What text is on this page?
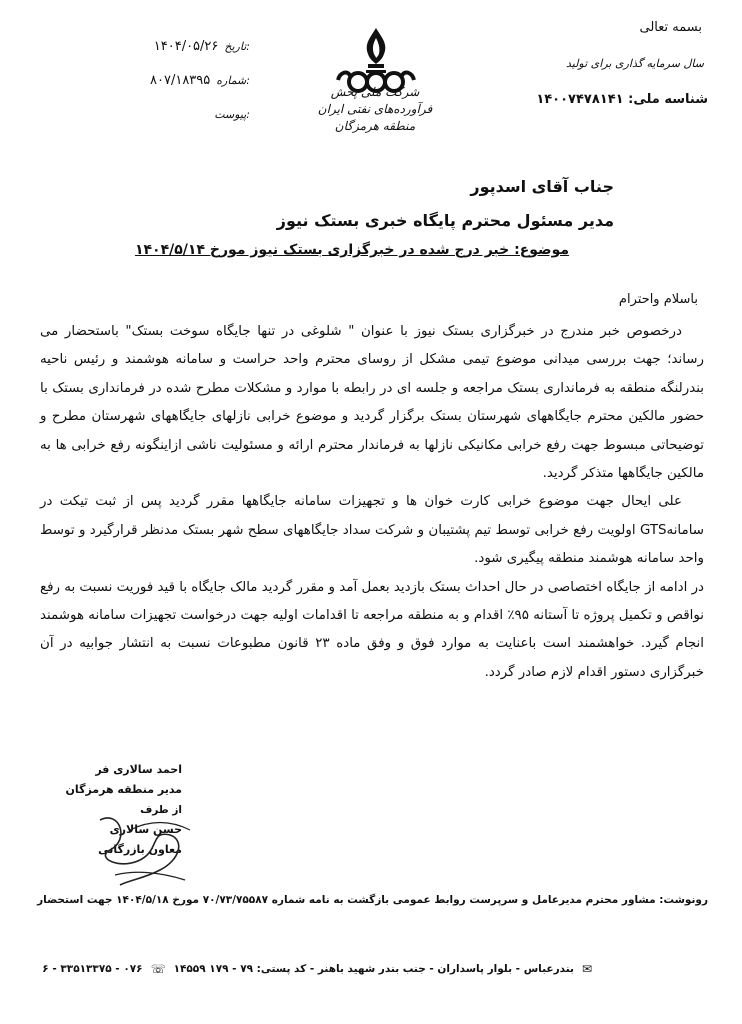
بسمه تعالی
سال سرمایه گذاری برای تولید
شناسه ملی: ۱۴۰۰۷۴۷۸۱۴۱
شرکت ملی پخش فرآورده‌های نفتی ایران
منطقه هرمزگان
۱۴۰۴/۰۵/۲۶ تاریخ:
۸۰۷/۱۸۳۹۵ شماره:
پیوست:
جناب آقای اسدپور
مدیر مسئول محترم پایگاه خبری بستک نیوز
موضوع: خبر درج شده در خبرگزاری بستک نیوز مورخ ۱۴۰۴/۵/۱۴
باسلام واحترام

درخصوص خبر مندرج در خبرگزاری بستک نیوز با عنوان " شلوغی در تنها جایگاه سوخت بستک" باستحضار می رساند؛ جهت بررسی میدانی موضوع تیمی مشکل از روسای محترم واحد حراست و سامانه هوشمند و رئیس ناحیه بندرلنگه منطقه به فرمانداری بستک مراجعه و جلسه ای در رابطه با موارد و مشکلات مطرح شده در فرمانداری بستک با حضور مالکین محترم جایگاههای شهرستان بستک برگزار گردید و موضوع خرابی نازلهای جایگاههای شهرستان مطرح و توضیحاتی مبسوط جهت رفع خرابی مکانیکی نازلها به فرماندار محترم ارائه و مسئولیت ناشی ازاینگونه رفع خرابی ها به مالکین جایگاهها متذکر گردید.

علی ایحال جهت موضوع خرابی کارت خوان ها و تجهیزات سامانه جایگاهها مقرر گردید پس از ثبت تیکت در سامانهGTS اولویت رفع خرابی توسط تیم پشتیبان و شرکت سداد جایگاههای سطح شهر بستک مدنظر قرارگیرد و توسط واحد سامانه هوشمند منطقه پیگیری شود.

در ادامه از جایگاه اختصاصی در حال احداث بستک بازدید بعمل آمد و مقرر گردید مالک جایگاه با قید فوریت نسبت به رفع نواقص و تکمیل پروژه تا آستانه ۹۵٪ اقدام و به منطقه مراجعه تا اقدامات اولیه جهت درخواست تجهیزات سامانه هوشمند انجام گیرد. خواهشمند است باعنایت به موارد فوق و وفق ماده ۲۳ قانون مطبوعات نسبت به انتشار جوابیه در آن خبرگزاری دستور اقدام لازم صادر گردد.

احمد سالاری فر
مدیر منطقه هرمزگان
از طرف
حسن سالاری
معاون بازرگانی
رونوشت: مشاور محترم مدیرعامل و سرپرست روابط عمومی بازگشت به نامه شماره ۷۰/۷۳/۷۵۵۸۷ مورخ ۱۴۰۴/۵/۱۸ جهت استحضار
۰۷۶ - ۳۳۵۱۳۳۷۵ - ۶ ☏ بندرعباس - بلوار پاسداران - جنب بندر شهید باهنر - کد پستی: ۷۹ - ۱۷۹ ۱۴۵۵۹ ✉
